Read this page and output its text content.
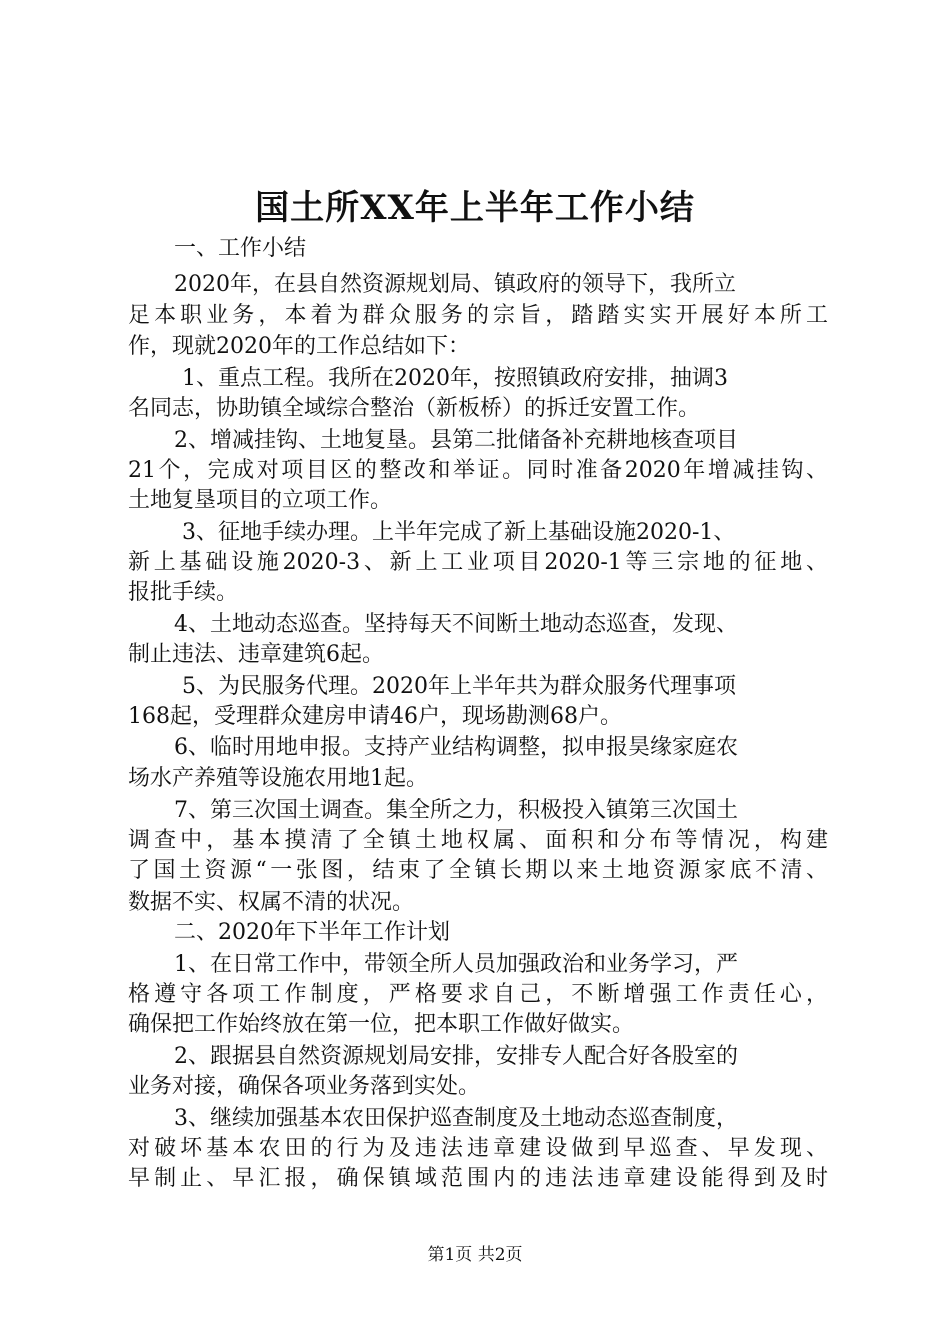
国土所XX年上半年工作小结
一、工作小结
2020年，在县自然资源规划局、镇政府的领导下，我所立
足本职业务，本着为群众服务的宗旨，踏踏实实开展好本所工
作，现就2020年的工作总结如下：
1、重点工程。我所在2020年，按照镇政府安排，抽调3
名同志，协助镇全域综合整治（新板桥）的拆迁安置工作。
2、增减挂钩、土地复垦。县第二批储备补充耕地核查项目
21个，完成对项目区的整改和举证。同时准备2020年增减挂钩、
土地复垦项目的立项工作。
3、征地手续办理。上半年完成了新上基础设施2020-1、
新上基础设施2020-3、新上工业项目2020-1等三宗地的征地、
报批手续。
4、土地动态巡查。坚持每天不间断土地动态巡查，发现、
制止违法、违章建筑6起。
5、为民服务代理。2020年上半年共为群众服务代理事项
168起，受理群众建房申请46户，现场勘测68户。
6、临时用地申报。支持产业结构调整，拟申报昊缘家庭农
场水产养殖等设施农用地1起。
7、第三次国土调查。集全所之力，积极投入镇第三次国土
调查中，基本摸清了全镇土地权属、面积和分布等情况，构建
了国土资源“一张图，结束了全镇长期以来土地资源家底不清、
数据不实、权属不清的状况。
二、2020年下半年工作计划
1、在日常工作中，带领全所人员加强政治和业务学习，严
格遵守各项工作制度，严格要求自己，不断增强工作责任心，
确保把工作始终放在第一位，把本职工作做好做实。
2、跟据县自然资源规划局安排，安排专人配合好各股室的
业务对接，确保各项业务落到实处。
3、继续加强基本农田保护巡查制度及土地动态巡查制度，
对破坏基本农田的行为及违法违章建设做到早巡查、早发现、
早制止、早汇报，确保镇域范围内的违法违章建设能得到及时
第1页 共2页
